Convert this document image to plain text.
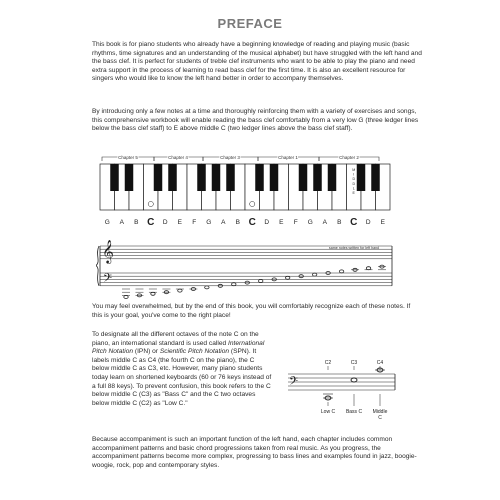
PREFACE
This book is for piano students who already have a beginning knowledge of reading and playing music (basic rhythms, time signatures and an understanding of the musical alphabet) but have struggled with the left hand and the bass clef. It is perfect for students of treble clef instruments who want to be able to play the piano and need extra support in the process of learning to read bass clef for the first time. It is also an excellent resource for singers who would like to know the left hand better in order to accompany themselves.
By introducing only a few notes at a time and thoroughly reinforcing them with a variety of exercises and songs, this comprehensive workbook will enable reading the bass clef comfortably from a very low G (three ledger lines below the bass clef staff) to E above middle C (two ledger lines above the bass clef staff).
Chapter 5	Chapter 4	Chapter 3	Chapter 1	Chapter 2
M
I
D
D
L
E
G A B C D E F G A B C D E F G A B C D E
𝄞
𝄢
same notes written for left hand
You may feel overwhelmed, but by the end of this book, you will comfortably recognize each of these notes. If this is your goal, you've come to the right place!
To designate all the different octaves of the note C on the piano, an international standard is used called International Pitch Notation (IPN) or Scientific Pitch Notation (SPN). It labels middle C as C4 (the fourth C on the piano), the C below middle C as C3, etc. However, many piano students today learn on shortened keyboards (60 or 76 keys instead of a full 88 keys). To prevent confusion, this book refers to the C below middle C (C3) as "Bass C" and the C two octaves below middle C (C2) as "Low C."
𝄢
C2	C3	C4
Low C Bass C Middle C
Because accompaniment is such an important function of the left hand, each chapter includes common accompaniment patterns and basic chord progressions taken from real music. As you progress, the accompaniment patterns become more complex, progressing to bass lines and examples found in jazz, boogie-woogie, rock, pop and contemporary styles.
